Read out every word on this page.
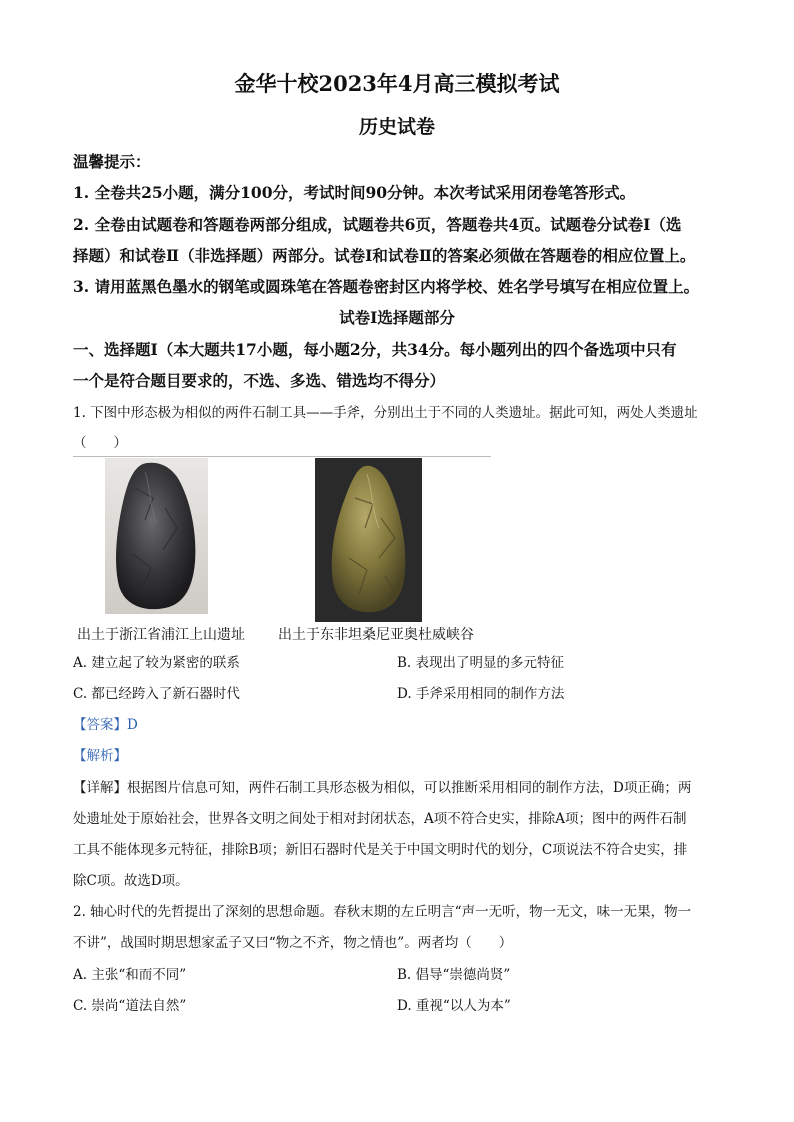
金华十校2023年4月高三模拟考试
历史试卷
温馨提示：
1. 全卷共25小题，满分100分，考试时间90分钟。本次考试采用闭卷笔答形式。
2. 全卷由试题卷和答题卷两部分组成，试题卷共6页，答题卷共4页。试题卷分试卷Ⅰ（选
择题）和试卷Ⅱ（非选择题）两部分。试卷Ⅰ和试卷Ⅱ的答案必须做在答题卷的相应位置上。
3. 请用蓝黑色墨水的钢笔或圆珠笔在答题卷密封区内将学校、姓名学号填写在相应位置上。
试卷Ⅰ选择题部分
一、选择题Ⅰ（本大题共17小题，每小题2分，共34分。每小题列出的四个备选项中只有
一个是符合题目要求的，不选、多选、错选均不得分）
1. 下图中形态极为相似的两件石制工具——手斧，分别出土于不同的人类遗址。据此可知，两处人类遗址
（　　）
出土于浙江省浦江上山遗址 出土于东非坦桑尼亚奥杜威峡谷
A. 建立起了较为紧密的联系	B. 表现出了明显的多元特征
C. 都已经跨入了新石器时代	D. 手斧采用相同的制作方法
【答案】D
【解析】
【详解】根据图片信息可知，两件石制工具形态极为相似，可以推断采用相同的制作方法，D项正确；两
处遗址处于原始社会，世界各文明之间处于相对封闭状态，A项不符合史实，排除A项；图中的两件石制
工具不能体现多元特征，排除B项；新旧石器时代是关于中国文明时代的划分，C项说法不符合史实，排
除C项。故选D项。
2. 轴心时代的先哲提出了深刻的思想命题。春秋末期的左丘明言“声一无听，物一无文，味一无果，物一
不讲”，战国时期思想家孟子又曰“物之不齐，物之情也”。两者均（　　）
A. 主张“和而不同”	B. 倡导“崇德尚贤”
C. 崇尚“道法自然”	D. 重视“以人为本”
